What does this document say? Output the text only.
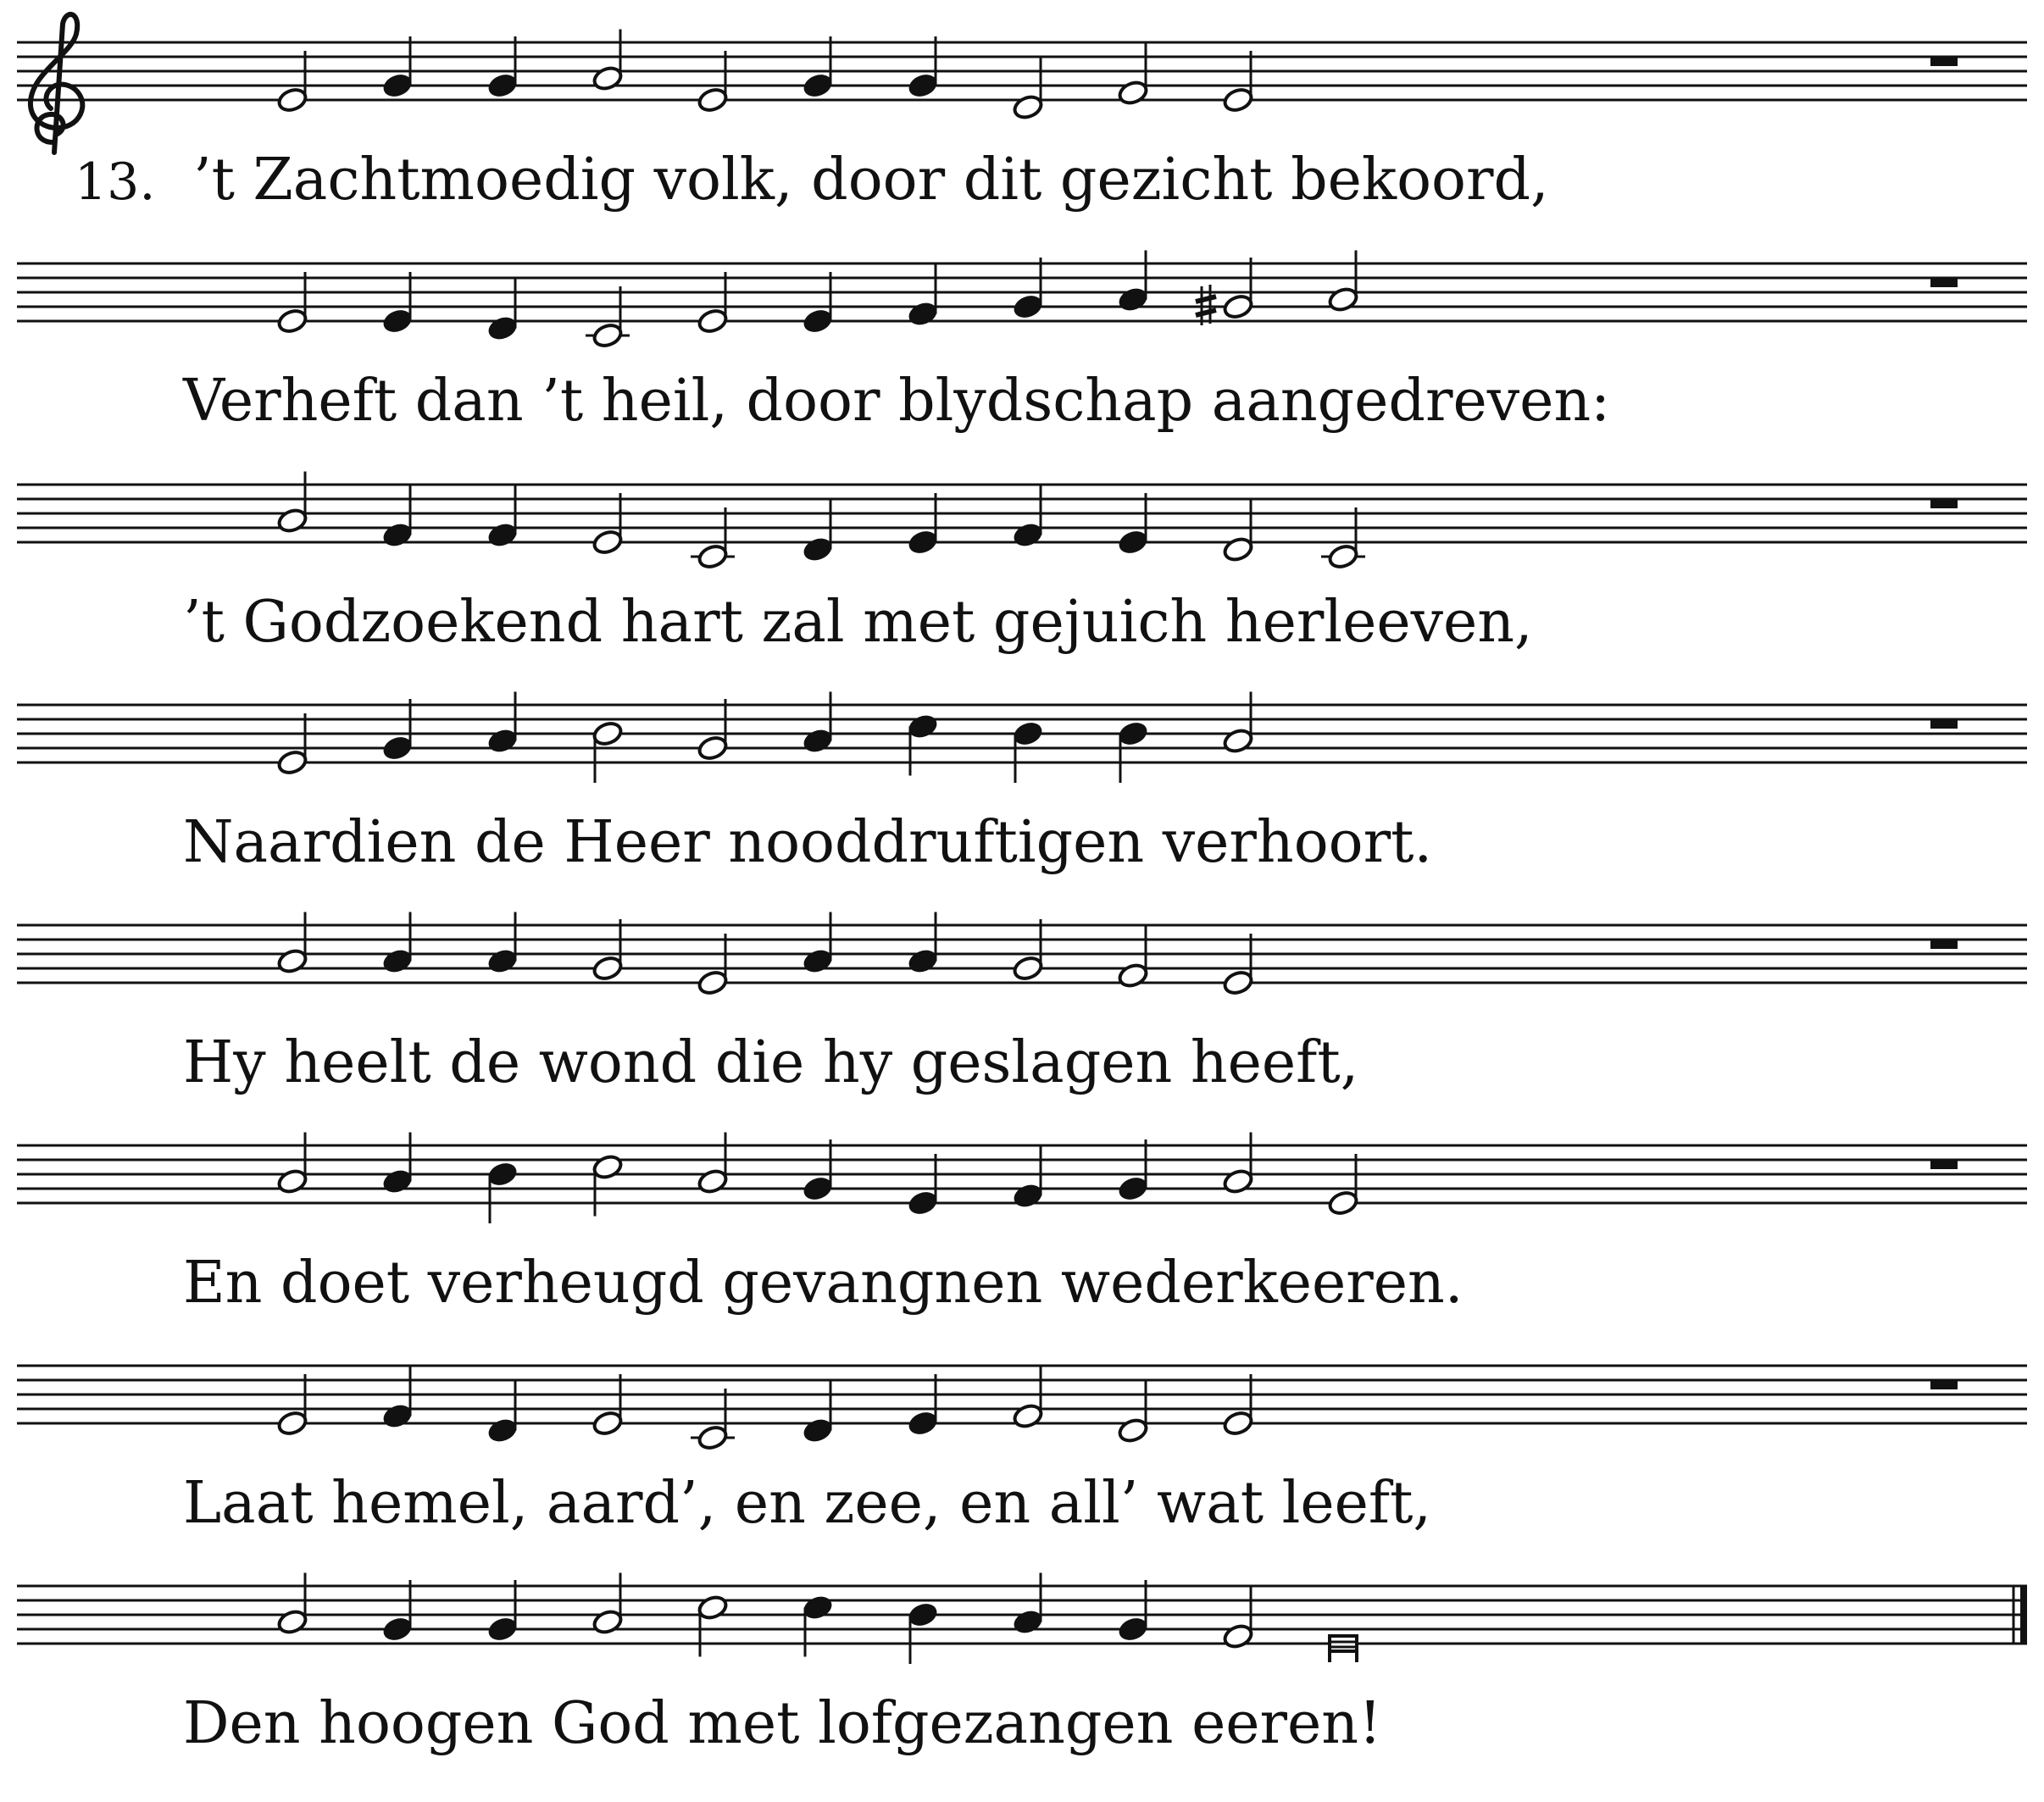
13. ’t Zachtmoedig volk, door dit gezicht bekoord,
Verheft dan ’t heil, door blydschap aangedreven:
’t Godzoekend hart zal met gejuich herleeven,
Naardien de Heer nooddruftigen verhoort.
Hy heelt de wond die hy geslagen heeft,
En doet verheugd gevangnen wederkeeren.
Laat hemel, aard’, en zee, en all’ wat leeft,
Den hoogen God met lofgezangen eeren!
